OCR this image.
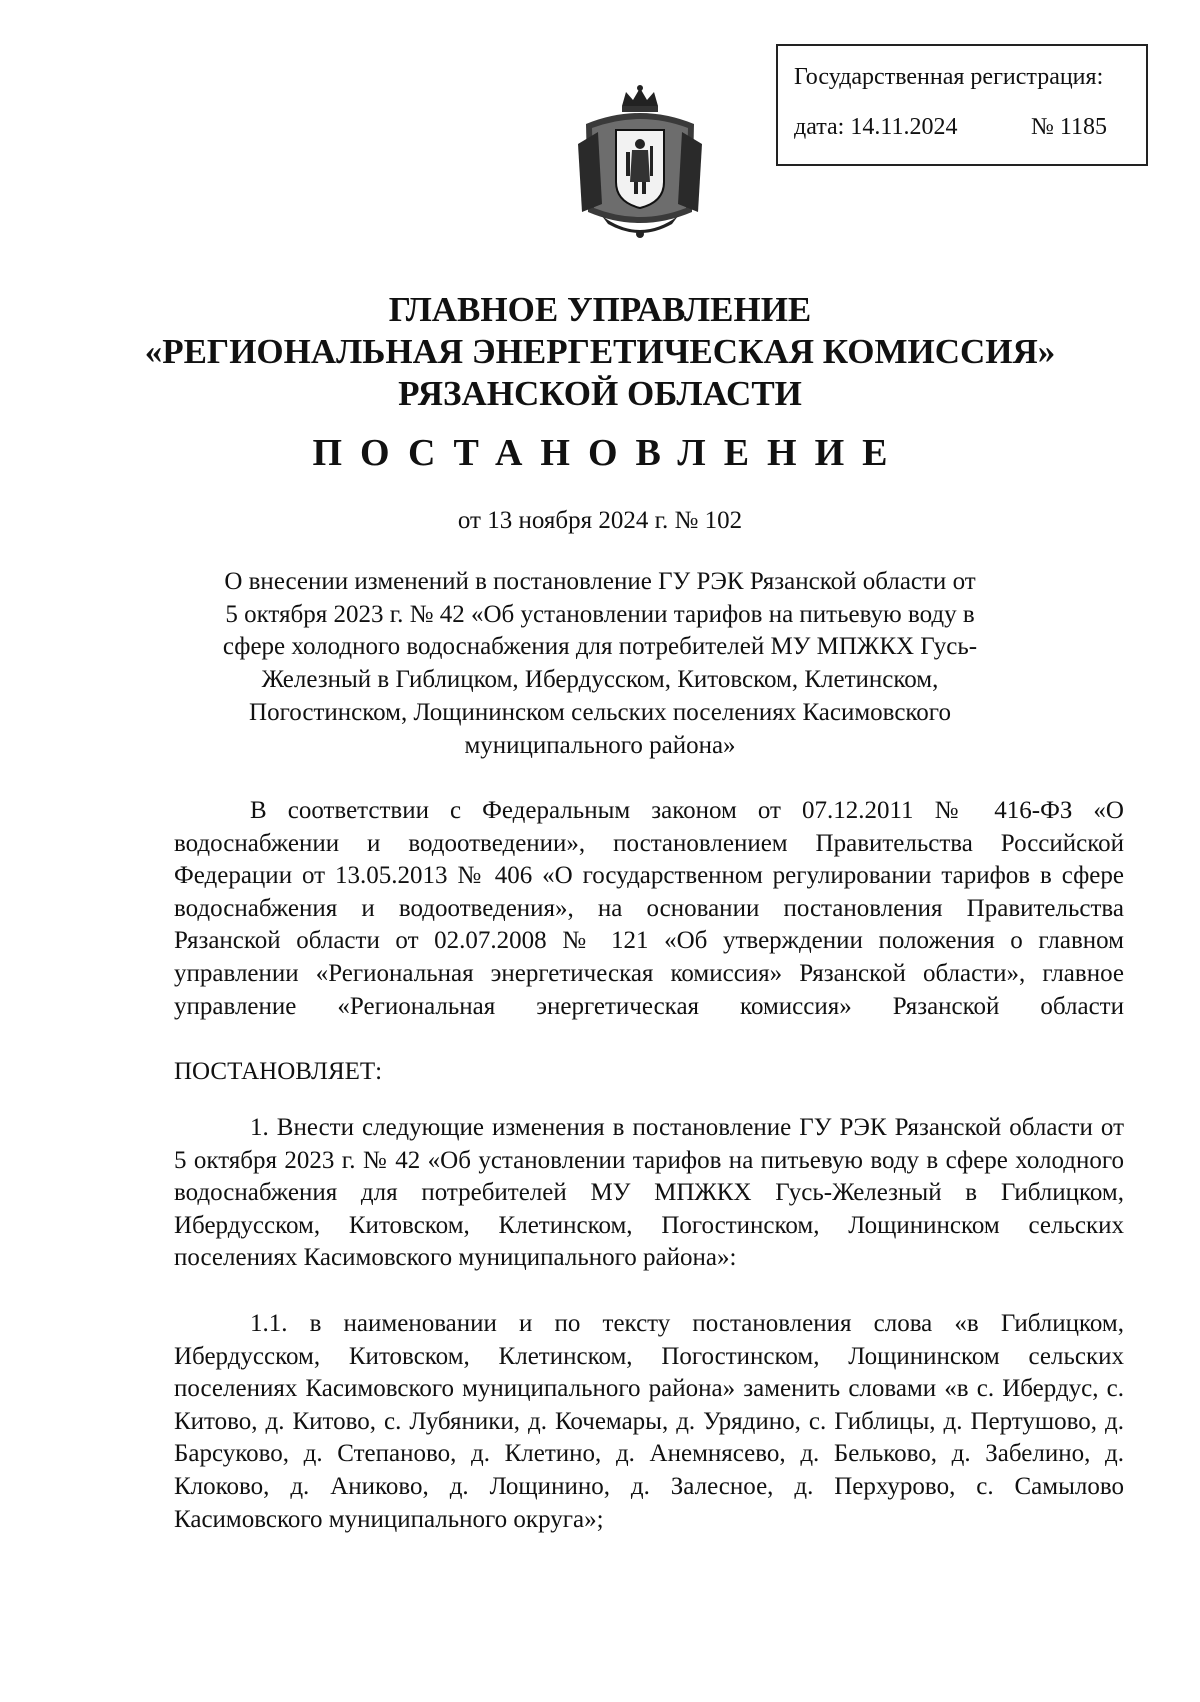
Государственная регистрация:
дата: 14.11.2024	№ 1185
ГЛАВНОЕ УПРАВЛЕНИЕ
«РЕГИОНАЛЬНАЯ ЭНЕРГЕТИЧЕСКАЯ КОМИССИЯ»
РЯЗАНСКОЙ ОБЛАСТИ
ПОСТАНОВЛЕНИЕ
от 13 ноября 2024 г. № 102
О внесении изменений в постановление ГУ РЭК Рязанской области от 5 октября 2023 г. № 42 «Об установлении тарифов на питьевую воду в сфере холодного водоснабжения для потребителей МУ МПЖКХ Гусь-Железный в Гиблицком, Ибердусском, Китовском, Клетинском, Погостинском, Лощининском сельских поселениях Касимовского муниципального района»
В соответствии с Федеральным законом от 07.12.2011 № 416-ФЗ «О водоснабжении и водоотведении», постановлением Правительства Российской Федерации от 13.05.2013 № 406 «О государственном регулировании тарифов в сфере водоснабжения и водоотведения», на основании постановления Правительства Рязанской области от 02.07.2008 № 121 «Об утверждении положения о главном управлении «Региональная энергетическая комиссия» Рязанской области», главное управление «Региональная энергетическая комиссия» Рязанской области
ПОСТАНОВЛЯЕТ:
1. Внести следующие изменения в постановление ГУ РЭК Рязанской области от 5 октября 2023 г. № 42 «Об установлении тарифов на питьевую воду в сфере холодного водоснабжения для потребителей МУ МПЖКХ Гусь-Железный в Гиблицком, Ибердусском, Китовском, Клетинском, Погостинском, Лощининском сельских поселениях Касимовского муниципального района»:
1.1. в наименовании и по тексту постановления слова «в Гиблицком, Ибердусском, Китовском, Клетинском, Погостинском, Лощининском сельских поселениях Касимовского муниципального района» заменить словами «в с. Ибердус, с. Китово, д. Китово, с. Лубяники, д. Кочемары, д. Урядино, с. Гиблицы, д. Пертушово, д. Барсуково, д. Степаново, д. Клетино, д. Анемнясево, д. Бельково, д. Забелино, д. Клоково, д. Аниково, д. Лощинино, д. Залесное, д. Перхурово, с. Самылово Касимовского муниципального округа»;
